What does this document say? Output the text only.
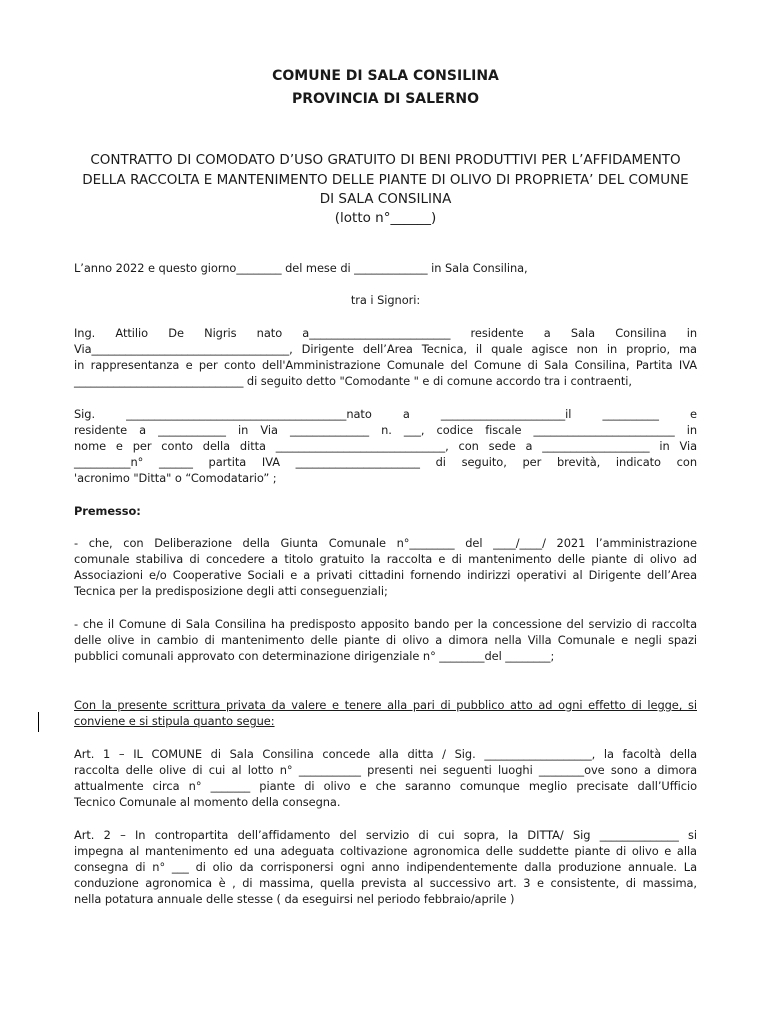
COMUNE DI SALA CONSILINA
PROVINCIA DI SALERNO
CONTRATTO DI COMODATO D’USO GRATUITO DI BENI PRODUTTIVI PER L’AFFIDAMENTO
DELLA RACCOLTA E MANTENIMENTO DELLE PIANTE DI OLIVO DI PROPRIETA’ DEL COMUNE
DI SALA CONSILINA
(lotto n°______)
L’anno 2022 e questo giorno________ del mese di _____________ in Sala Consilina,
tra i Signori:
Ing. Attilio De Nigris nato a_________________________ residente a Sala Consilina in
Via___________________________________, Dirigente dell’Area Tecnica, il quale agisce non in proprio, ma
in rappresentanza e per conto dell'Amministrazione Comunale del Comune di Sala Consilina, Partita IVA
______________________________ di seguito detto "Comodante " e di comune accordo tra i contraenti,
Sig. _______________________________________nato a ______________________il __________ e
residente a ____________ in Via ______________ n. ___, codice fiscale _________________________ in
nome e per conto della ditta ______________________________, con sede a ___________________ in Via
__________n° ______ partita IVA ______________________ di seguito, per brevità, indicato con
'acronimo "Ditta" o “Comodatario” ;
Premesso:
- che, con Deliberazione della Giunta Comunale n°________ del ____/____/ 2021 l’amministrazione
comunale stabiliva di concedere a titolo gratuito la raccolta e di mantenimento delle piante di olivo ad
Associazioni e/o Cooperative Sociali e a privati cittadini fornendo indirizzi operativi al Dirigente dell’Area
Tecnica per la predisposizione degli atti conseguenziali;
- che il Comune di Sala Consilina ha predisposto apposito bando per la concessione del servizio di raccolta
delle olive in cambio di mantenimento delle piante di olivo a dimora nella Villa Comunale e negli spazi
pubblici comunali approvato con determinazione dirigenziale n° ________del ________;
Con la presente scrittura privata da valere e tenere alla pari di pubblico atto ad ogni effetto di legge, si
conviene e si stipula quanto segue:
Art. 1 – IL COMUNE di Sala Consilina concede alla ditta / Sig. ___________________, la facoltà della
raccolta delle olive di cui al lotto n° ___________ presenti nei seguenti luoghi ________ove sono a dimora
attualmente circa n° _______ piante di olivo e che saranno comunque meglio precisate dall’Ufficio
Tecnico Comunale al momento della consegna.
Art. 2 – In contropartita dell’affidamento del servizio di cui sopra, la DITTA/ Sig ______________ si
impegna al mantenimento ed una adeguata coltivazione agronomica delle suddette piante di olivo e alla
consegna di n° ___ di olio da corrisponersi ogni anno indipendentemente dalla produzione annuale. La
conduzione agronomica è , di massima, quella prevista al successivo art. 3 e consistente, di massima,
nella potatura annuale delle stesse ( da eseguirsi nel periodo febbraio/aprile )
